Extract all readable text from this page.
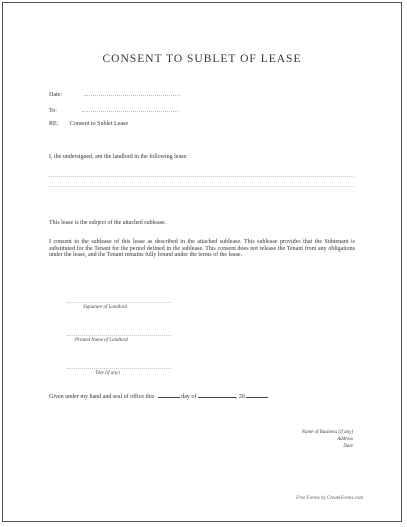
CONSENT TO SUBLET OF LEASE
Date:
To:
RE: Consent to Sublet Lease
I, the undersigned, am the landlord in the following lease:
This lease is the subject of the attached sublease.
I consent to the sublease of this lease as described in the attached sublease. This sublease provides that the Subtenant is substituted for the Tenant for the period defined in the sublease. This consent does not release the Tenant from any obligations under the lease, and the Tenant remains fully bound under the terms of the lease.
Signature of Landlord
Printed Name of Landlord
Title (if any)
Given under my hand and seal of office this	day of	, 20
Name of Business (if any)
Address
Date
Free Forms by CreateForms.com
